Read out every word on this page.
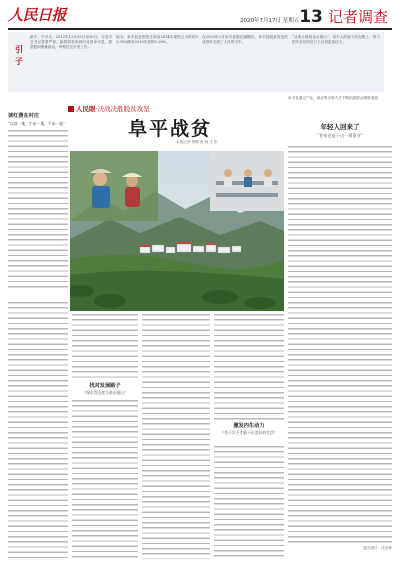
人民日报	2020年7月17日 星期五 13 记者调查
引子
新中，不平凡。2012年12月29日至30日，习近平总书记冒着严寒，踏着积雪来到河北省阜平县，看望慰问困难群众，考察扶贫开发工作。
如今，阜平县贫困发生率由2014年建档立卡时的33.39%降至2019年底的0.29%。
在2020年2月阜平县脱贫摘帽后，阜平县脱贫攻坚的成绩单交到了人民的手中。
“从黄土坡到金山银山”，阜平人的奋斗仍在路上，努力把乡亲们的好日子过得更加红火。
人民眼·决战决胜脱贫攻坚
阜平战贫
本报记者 杨柳 唐 杨 王 松
读红费在村庄
“以前一地，牛床一地，千床一地”
找对发展路子
“绿水青山变为金山银山”
激发内生动力
“苦干实干才能干出美好的生活”
阜平县通过产业、就业等多种方式不断拓展群众增收渠道
年轻人回来了
“老家也能干出一番事业”
版式设计：沈亦伶
